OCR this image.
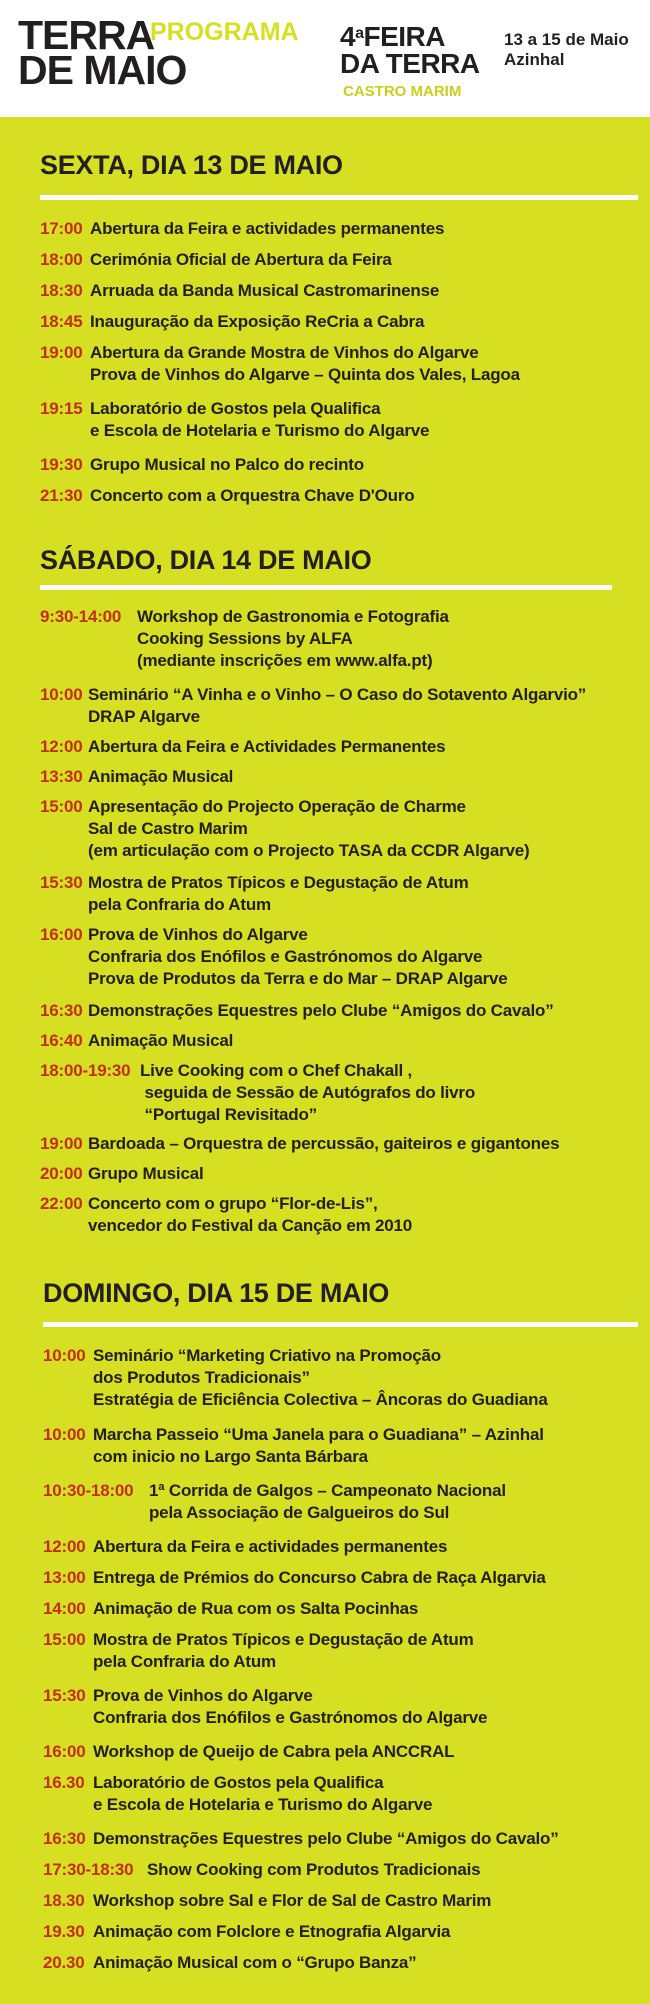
TERRA
DE MAIO
PROGRAMA 4$^a$FEIRA
DA TERRA
CASTRO MARIM
13 a 15 de Maio
Azinhal
SEXTA, DIA 13 DE MAIO
17:00 Abertura da Feira e actividades permanentes
18:00 Cerimónia Oficial de Abertura da Feira
18:30 Arruada da Banda Musical Castromarinense
18:45 Inauguração da Exposição ReCria a Cabra
19:00 Abertura da Grande Mostra de Vinhos do Algarve
Prova de Vinhos do Algarve – Quinta dos Vales, Lagoa
19:15 Laboratório de Gostos pela Qualifica
e Escola de Hotelaria e Turismo do Algarve
19:30 Grupo Musical no Palco do recinto
21:30 Concerto com a Orquestra Chave D'Ouro
SÁBADO, DIA 14 DE MAIO
9:30-14:00 Workshop de Gastronomia e Fotografia
Cooking Sessions by ALFA
(mediante inscrições em www.alfa.pt)
10:00 Seminário “A Vinha e o Vinho – O Caso do Sotavento Algarvio”
DRAP Algarve
12:00 Abertura da Feira e Actividades Permanentes
13:30 Animação Musical
15:00 Apresentação do Projecto Operação de Charme
Sal de Castro Marim
(em articulação com o Projecto TASA da CCDR Algarve)
15:30 Mostra de Pratos Típicos e Degustação de Atum
pela Confraria do Atum
16:00 Prova de Vinhos do Algarve
Confraria dos Enófilos e Gastrónomos do Algarve
Prova de Produtos da Terra e do Mar – DRAP Algarve
16:30 Demonstrações Equestres pelo Clube “Amigos do Cavalo”
16:40 Animação Musical
18:00-19:30 Live Cooking com o Chef Chakall ,
seguida de Sessão de Autógrafos do livro
“Portugal Revisitado”
19:00 Bardoada – Orquestra de percussão, gaiteiros e gigantones
20:00 Grupo Musical
22:00 Concerto com o grupo “Flor-de-Lis”,
vencedor do Festival da Canção em 2010
DOMINGO, DIA 15 DE MAIO
10:00 Seminário “Marketing Criativo na Promoção
dos Produtos Tradicionais”
Estratégia de Eficiência Colectiva – Âncoras do Guadiana
10:00 Marcha Passeio “Uma Janela para o Guadiana” – Azinhal
com inicio no Largo Santa Bárbara
10:30-18:00 1ª Corrida de Galgos – Campeonato Nacional
pela Associação de Galgueiros do Sul
12:00 Abertura da Feira e actividades permanentes
13:00 Entrega de Prémios do Concurso Cabra de Raça Algarvia
14:00 Animação de Rua com os Salta Pocinhas
15:00 Mostra de Pratos Típicos e Degustação de Atum
pela Confraria do Atum
15:30 Prova de Vinhos do Algarve
Confraria dos Enófilos e Gastrónomos do Algarve
16:00 Workshop de Queijo de Cabra pela ANCCRAL
16.30 Laboratório de Gostos pela Qualifica
e Escola de Hotelaria e Turismo do Algarve
16:30 Demonstrações Equestres pelo Clube “Amigos do Cavalo”
17:30-18:30 Show Cooking com Produtos Tradicionais
18.30 Workshop sobre Sal e Flor de Sal de Castro Marim
19.30 Animação com Folclore e Etnografia Algarvia
20.30 Animação Musical com o “Grupo Banza”
